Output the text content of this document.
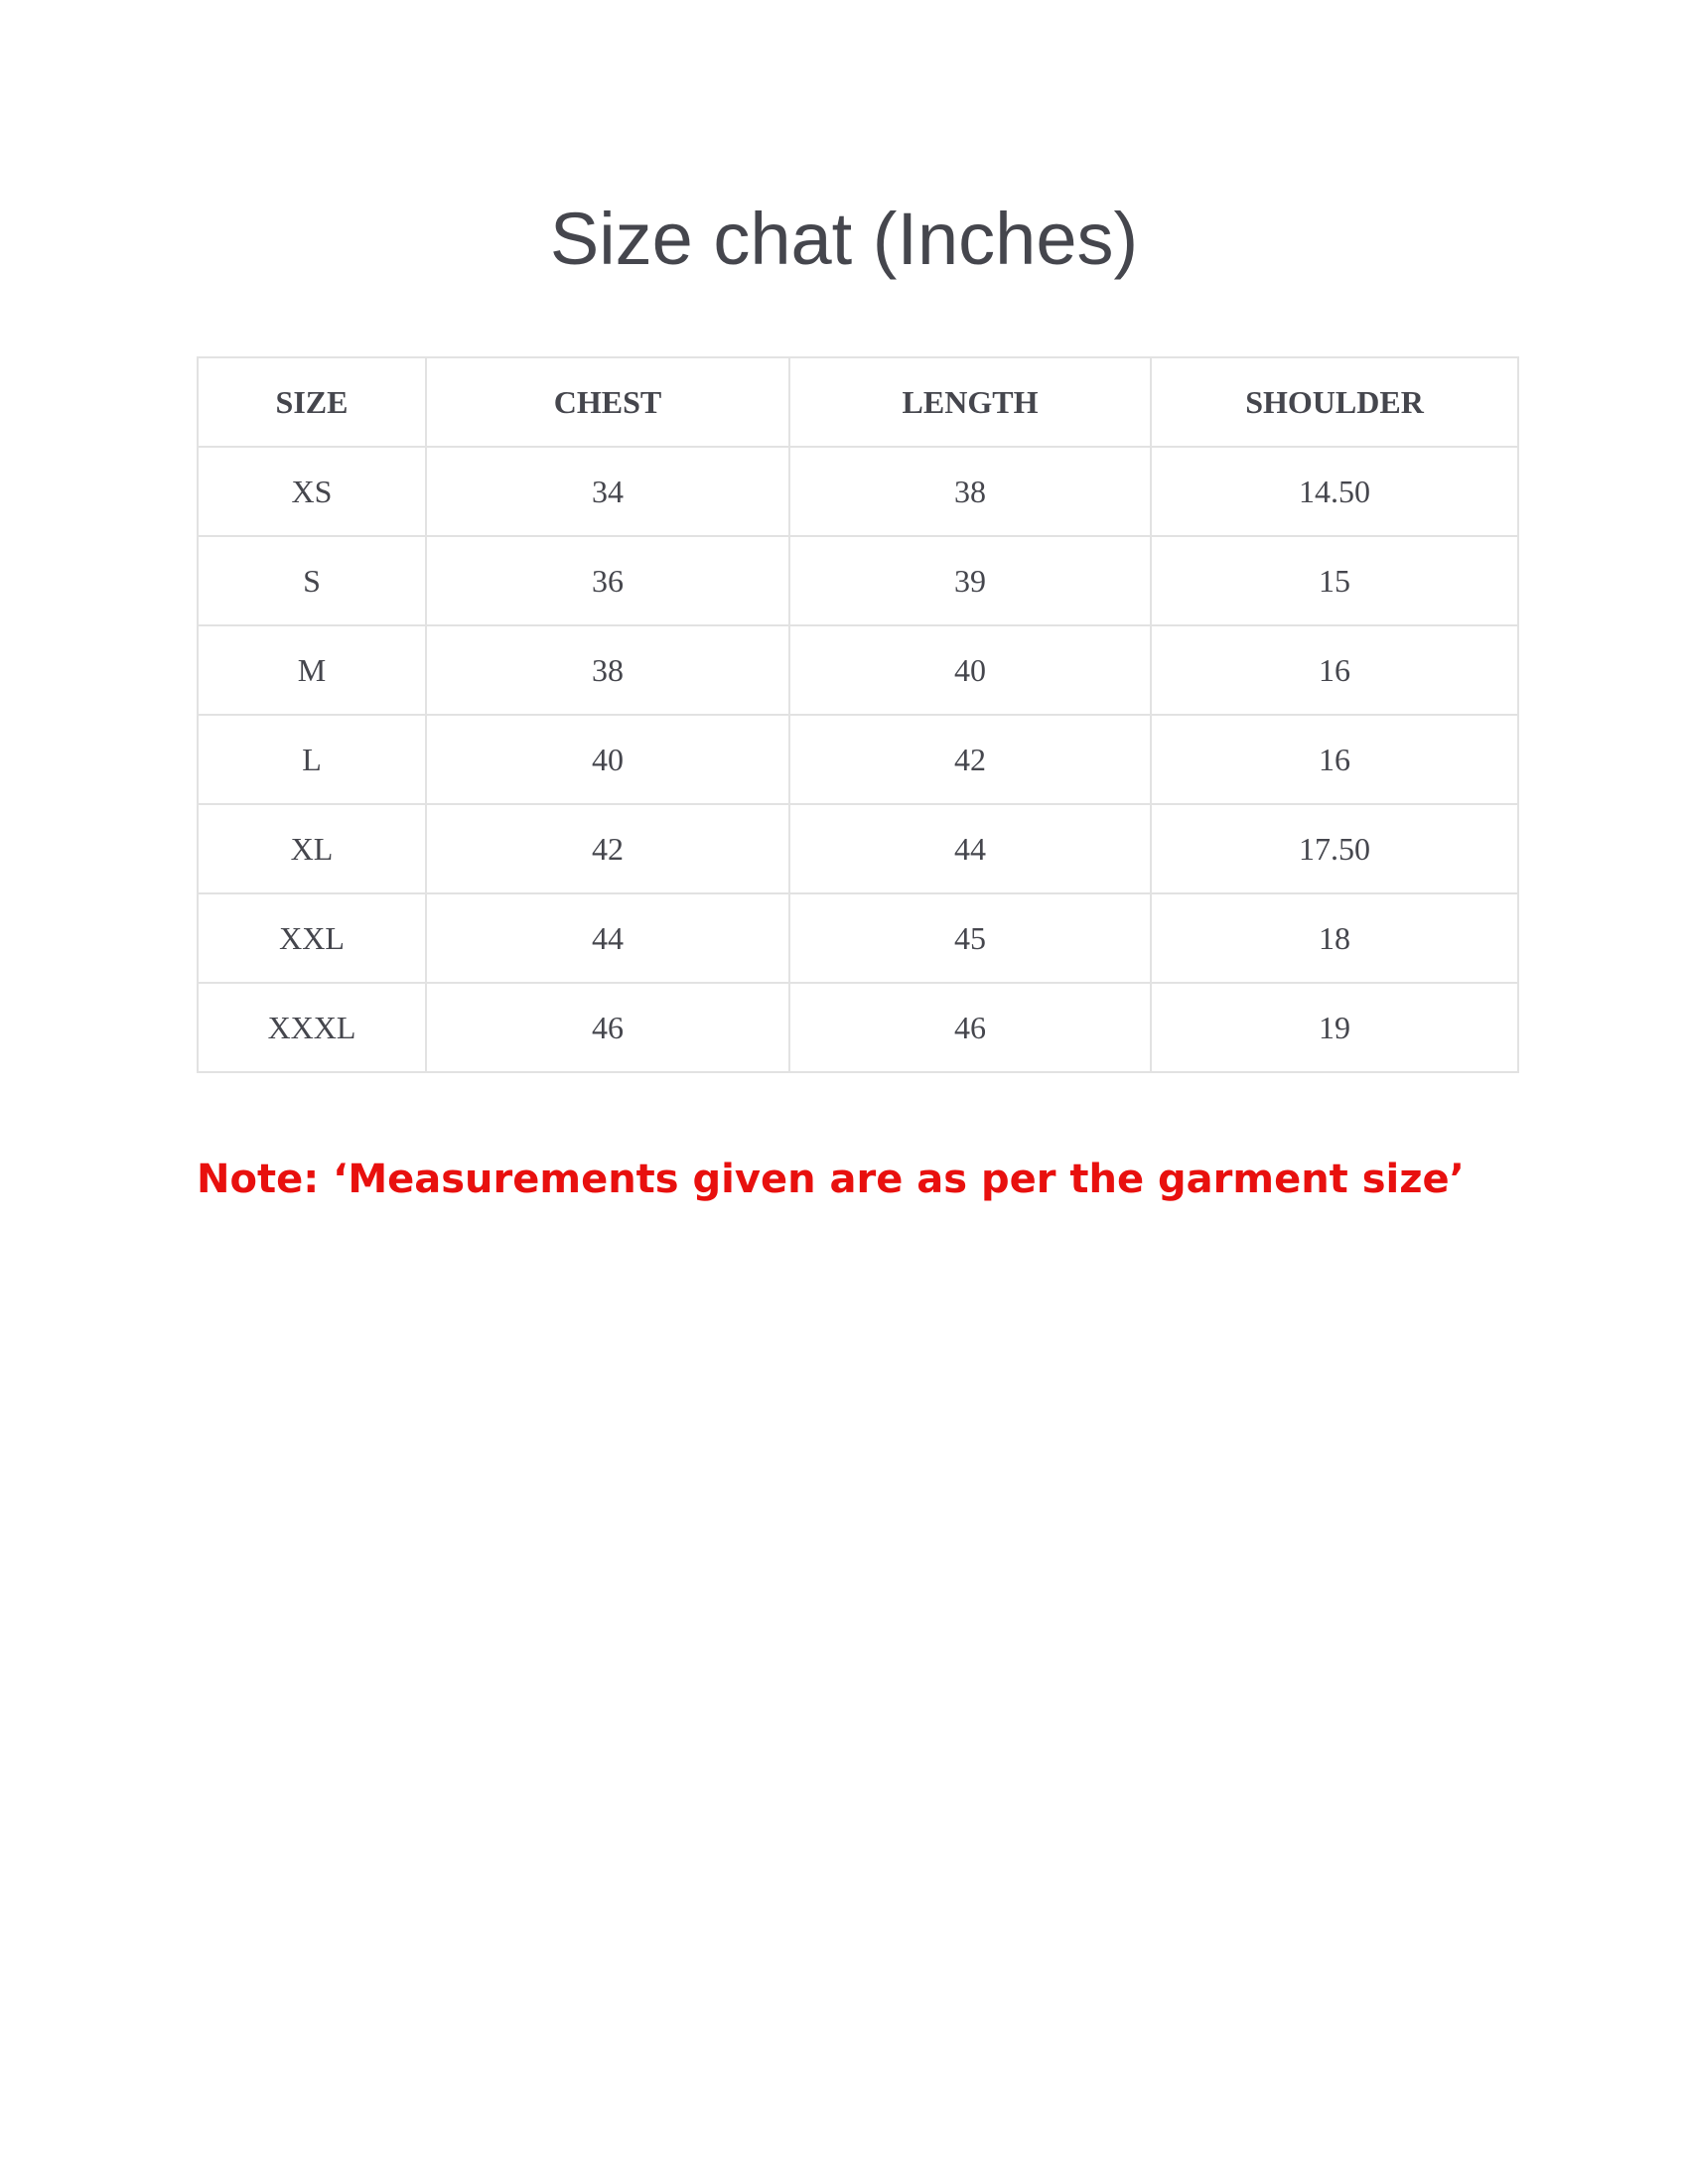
Size chat (Inches)
SIZE	CHEST	LENGTH	SHOULDER
XS	34	38	14.50
S	36	39	15
M	38	40	16
L	40	42	16
XL	42	44	17.50
XXL	44	45	18
XXXL	46	46	19

Note: ‘Measurements given are as per the garment size’
